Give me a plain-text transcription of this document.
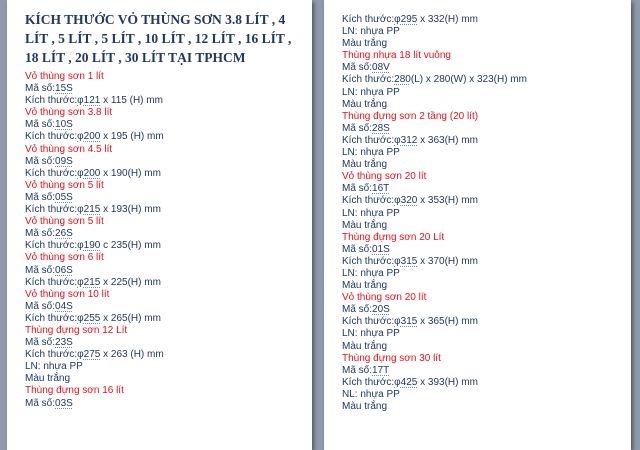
KÍCH THƯỚC VỎ THÙNG SƠN 3.8 LÍT , 4 LÍT , 5 LÍT , 5 LÍT , 10 LÍT , 12 LÍT , 16 LÍT , 18 LÍT , 20 LÍT , 30 LÍT TẠI TPHCM
Vỏ thùng sơn 1 lít
Mã số:15S
Kích thước:φ121 x 115 (H) mm
Vỏ thùng sơn 3.8 lít
Mã số:10S
Kích thước:φ200 x 195 (H) mm
Vỏ thùng sơn 4.5 lít
Mã số:09S
Kích thước:φ200 x 190(H) mm
Vỏ thùng sơn 5 lít
Mã số:05S
Kích thước:φ215 x 193(H) mm
Vỏ thùng sơn 5 lít
Mã số:26S
Kích thước:φ190 c 235(H) mm
Vỏ thùng sơn 6 lít
Mã số:06S
Kích thước:φ215 x 225(H) mm
Vỏ thùng sơn 10 lít
Mã số:04S
Kích thước:φ255 x 265(H) mm
Thùng đựng sơn 12 Lít
Mã số:23S
Kích thước:φ275 x 263 (H) mm
LN: nhựa PP
Màu trắng
Thùng đựng sơn 16 lít
Mã số:03S
Kích thước:φ295 x 332(H) mm
LN: nhựa PP
Màu trắng
Thùng nhựa 18 lít vuông
Mã số:08V
Kích thước:280(L) x 280(W) x 323(H) mm
LN: nhựa PP
Màu trắng
Thùng đựng sơn 2 tầng (20 lít)
Mã số:28S
Kích thước:φ312 x 363(H) mm
LN: nhựa PP
Màu trắng
Vỏ thùng sơn 20 lít
Mã số:16T
Kích thước:φ320 x 353(H) mm
LN: nhựa PP
Màu trắng
Thùng đựng sơn 20 Lít
Mã số:01S
Kích thước:φ315 x 370(H) mm
LN: nhựa PP
Màu trắng
Vỏ thùng sơn 20 lít
Mã số:20S
Kích thước:φ315 x 365(H) mm
LN: nhựa PP
Màu trắng
Thùng đựng sơn 30 lít
Mã số:17T
Kích thước:φ425 x 393(H) mm
NL: nhựa PP
Màu trắng
